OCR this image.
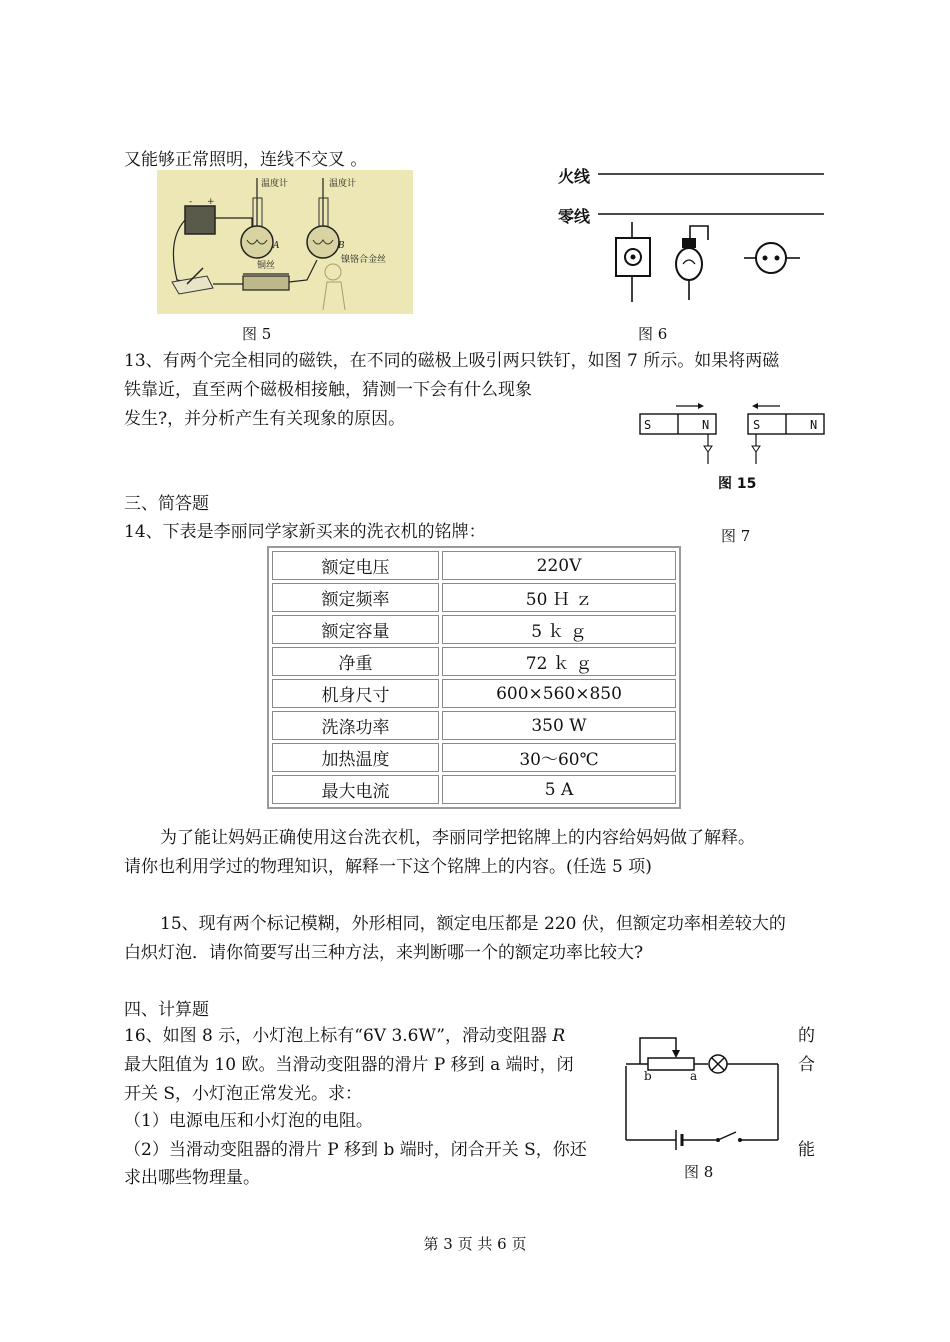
又能够正常照明，连线不交叉 。
- +
温度计
A
温度计
B
镍铬合金丝
铜丝
图 5
火线
零线
图 6
13、有两个完全相同的磁铁，在不同的磁极上吸引两只铁钉，如图 7 所示。如果将两磁
铁靠近，直至两个磁极相接触，猜测一下会有什么现象
发生?，并分析产生有关现象的原因。	S	N	S	N
图 15
三、简答题
14、下表是李丽同学家新买来的洗衣机的铭牌：	图 7
额定电压	220V
额定频率	50 Ｈ ｚ
额定容量	5 ｋ ｇ
净重	72 ｋ ｇ
机身尺寸	600×560×850
洗涤功率	350 W
加热温度	30～60℃
最大电流	5 A
为了能让妈妈正确使用这台洗衣机，李丽同学把铭牌上的内容给妈妈做了解释。
请你也利用学过的物理知识，解释一下这个铭牌上的内容。(任选 5 项)
15、现有两个标记模糊，外形相同，额定电压都是 220 伏，但额定功率相差较大的
白炽灯泡．请你简要写出三种方法，来判断哪一个的额定功率比较大?
四、计算题
16、如图 8 示，小灯泡上标有“6V 3.6W”，滑动变阻器 R	的
最大阻值为 10 欧。当滑动变阻器的滑片 P 移到 a 端时，闭	合
开关 S，小灯泡正常发光。求：
（1）电源电压和小灯泡的电阻。
（2）当滑动变阻器的滑片 P 移到 b 端时，闭合开关 S，你还	能
求出哪些物理量。
b	a
图 8
第 3 页 共 6 页
